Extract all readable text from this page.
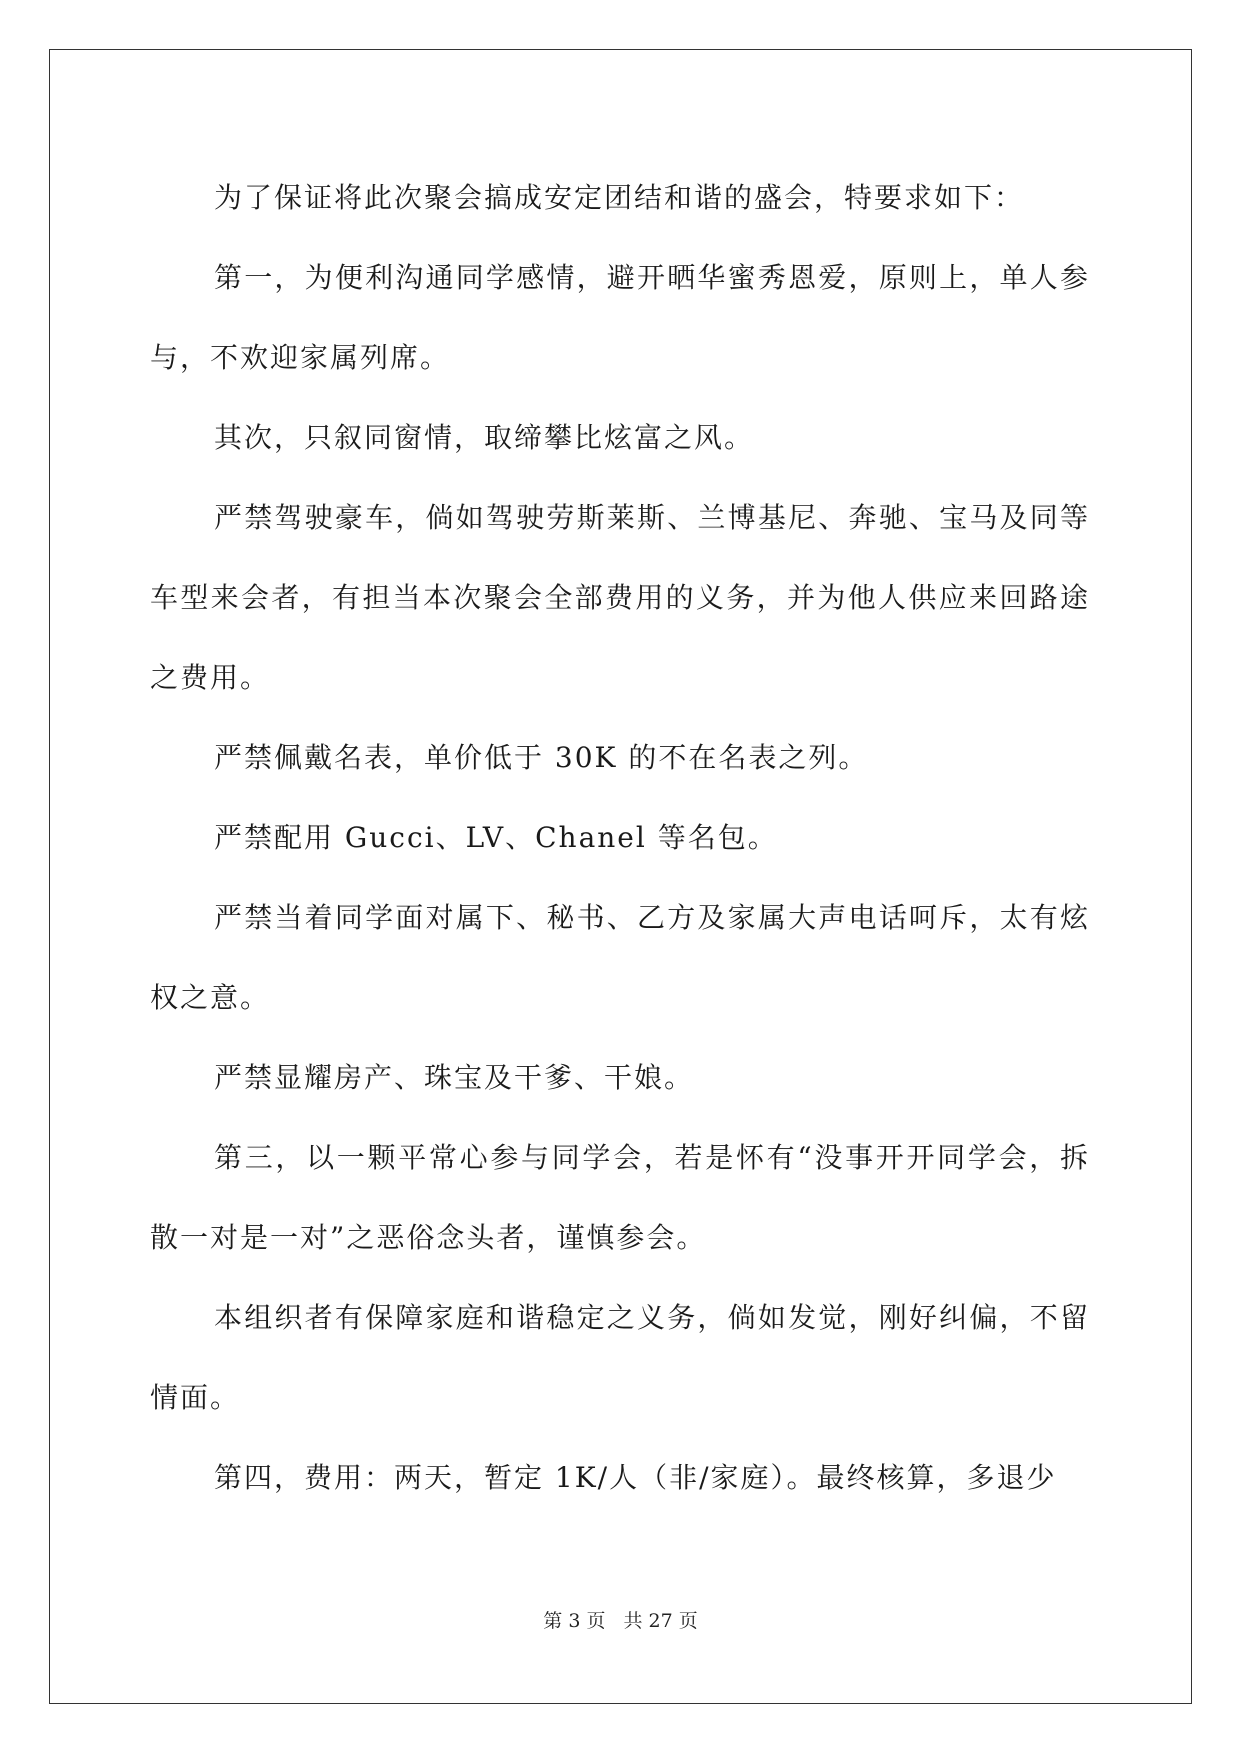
为了保证将此次聚会搞成安定团结和谐的盛会，特要求如下：

第一，为便利沟通同学感情，避开晒华蜜秀恩爱，原则上，单人参与，不欢迎家属列席。

其次，只叙同窗情，取缔攀比炫富之风。

严禁驾驶豪车，倘如驾驶劳斯莱斯、兰博基尼、奔驰、宝马及同等车型来会者，有担当本次聚会全部费用的义务，并为他人供应来回路途之费用。

严禁佩戴名表，单价低于 30K 的不在名表之列。

严禁配用 Gucci、LV、Chanel 等名包。

严禁当着同学面对属下、秘书、乙方及家属大声电话呵斥，太有炫权之意。

严禁显耀房产、珠宝及干爹、干娘。

第三，以一颗平常心参与同学会，若是怀有“没事开开同学会，拆散一对是一对”之恶俗念头者，谨慎参会。

本组织者有保障家庭和谐稳定之义务，倘如发觉，刚好纠偏，不留情面。

第四，费用：两天，暂定 1K/人（非/家庭）。最终核算，多退少

第 3 页 共 27 页
